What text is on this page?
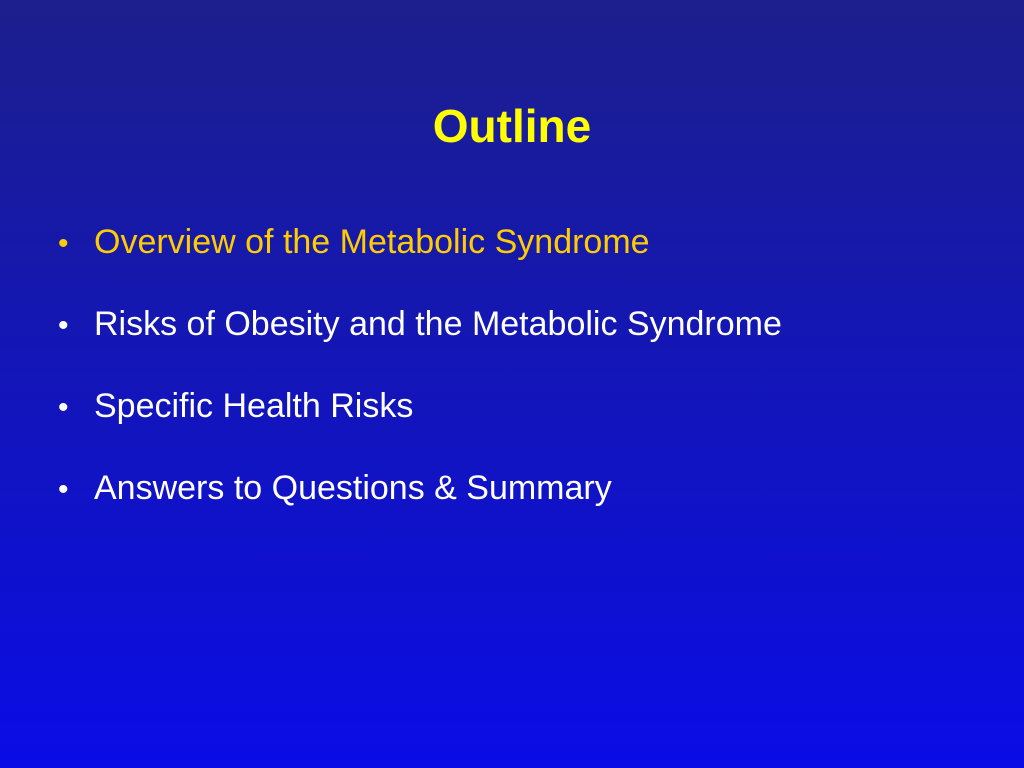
Outline
• Overview of the Metabolic Syndrome
• Risks of Obesity and the Metabolic Syndrome
• Specific Health Risks
• Answers to Questions & Summary
